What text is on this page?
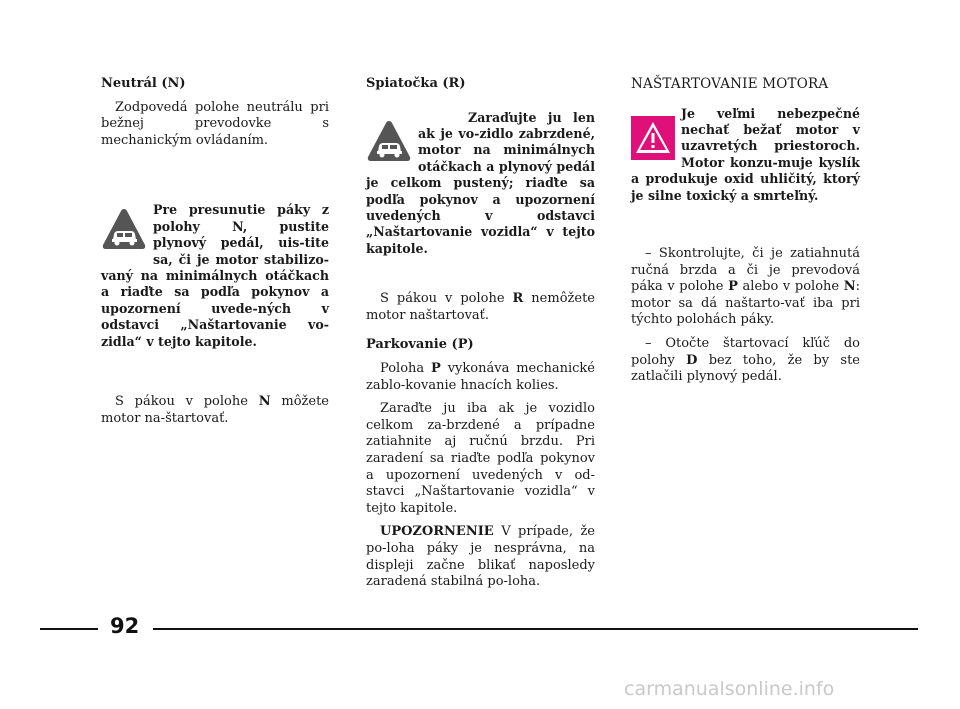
Neutrál (N)

Zodpovedá polohe neutrálu pri bežnej prevodovke s mechanickým ovládaním.

Pre presunutie páky z polohy N, pustite plynový pedál, uis-tite sa, či je motor stabilizo-vaný na minimálnych otáčkach a riaďte sa podľa pokynov a upozornení uvede-ných v odstavci „Naštartovanie vo-zidla“ v tejto kapitole.

S pákou v polohe N môžete motor na-štartovať.

Spiatočka (R)
Zaraďujte ju len ak je vo-zidlo zabrzdené, motor na minimálnych otáčkach a plynový pedál je celkom pustený; riaďte sa podľa pokynov a upozornení uvedených v odstavci „Naštartovanie vozidla“ v tejto kapitole.

S pákou v polohe R nemôžete motor naštartovať.

Parkovanie (P)

Poloha P vykonáva mechanické zablo-kovanie hnacích kolies.

Zaraďte ju iba ak je vozidlo celkom za-brzdené a prípadne zatiahnite aj ručnú brzdu. Pri zaradení sa riaďte podľa pokynov a upozornení uvedených v od-stavci „Naštartovanie vozidla“ v tejto kapitole.

UPOZORNENIE V prípade, že po-loha páky je nesprávna, na displeji začne blikať naposledy zaradená stabilná po-loha.

NAŠTARTOVANIE MOTORA
Je veľmi nebezpečné nechať bežať motor v uzavretých priestoroch. Motor konzu-muje kyslík a produkuje oxid uhličitý, ktorý je silne toxický a smrteľný.

– Skontrolujte, či je zatiahnutá ručná brzda a či je prevodová páka v polohe P alebo v polohe N: motor sa dá naštarto-vať iba pri týchto polohách páky.

– Otočte štartovací kľúč do polohy D bez toho, že by ste zatlačili plynový pedál.

92
carmanualsonline.info
